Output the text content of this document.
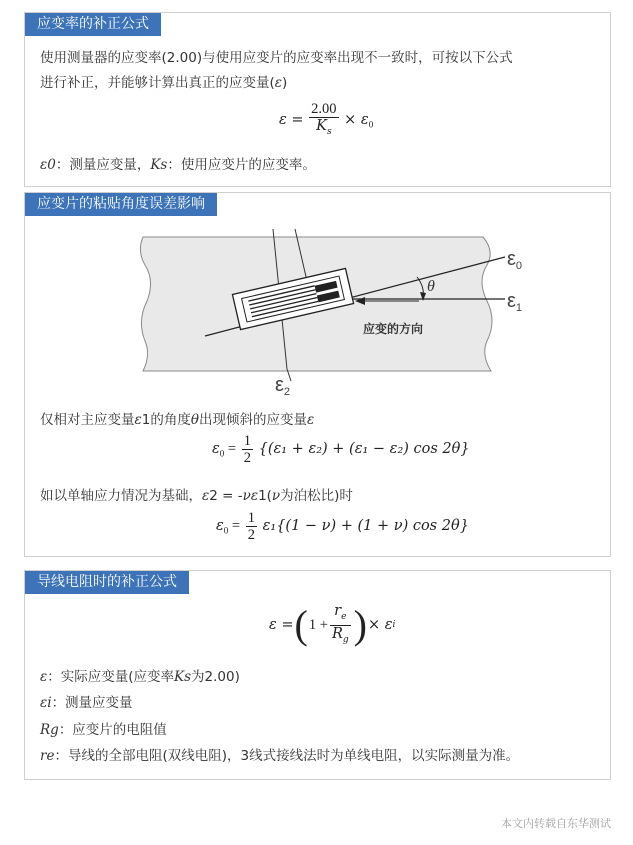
应变率的补正公式
使用测量器的应变率(2.00)与使用应变片的应变率出现不一致时，可按以下公式
进行补正，并能够计算出真正的应变量(ε)
$\varepsilon = \frac{2.00}{K_s} \times \varepsilon_0$
ε0：测量应变量，Ks：使用应变片的应变率。
应变片的粘贴角度误差影响
$\varepsilon_0$
$\varepsilon_1$
$\varepsilon_2$
θ
应变的方向
仅相对主应变量ε1的角度θ出现倾斜的应变量ε
$\varepsilon_0 = \frac{1}{2} \{(\varepsilon_1 + \varepsilon_2) + (\varepsilon_1 - \varepsilon_2)$ cos 2θ}
如以单轴应力情况为基础，ε2 = -νε1(ν为泊松比)时
$\varepsilon_0 = \frac{1}{2} \varepsilon_1\{(1 - \nu) + (1 + \nu)$ cos 2θ}
导线电阻时的补正公式
ε = ( $1 + \frac{r_e}{R_g}$ ) × ε i
ε：实际应变量(应变率Ks为2.00)
εi：测量应变量
Rg：应变片的电阻值
re：导线的全部电阻(双线电阻)，3线式接线法时为单线电阻，以实际测量为准。
本文内转载自东华测试
